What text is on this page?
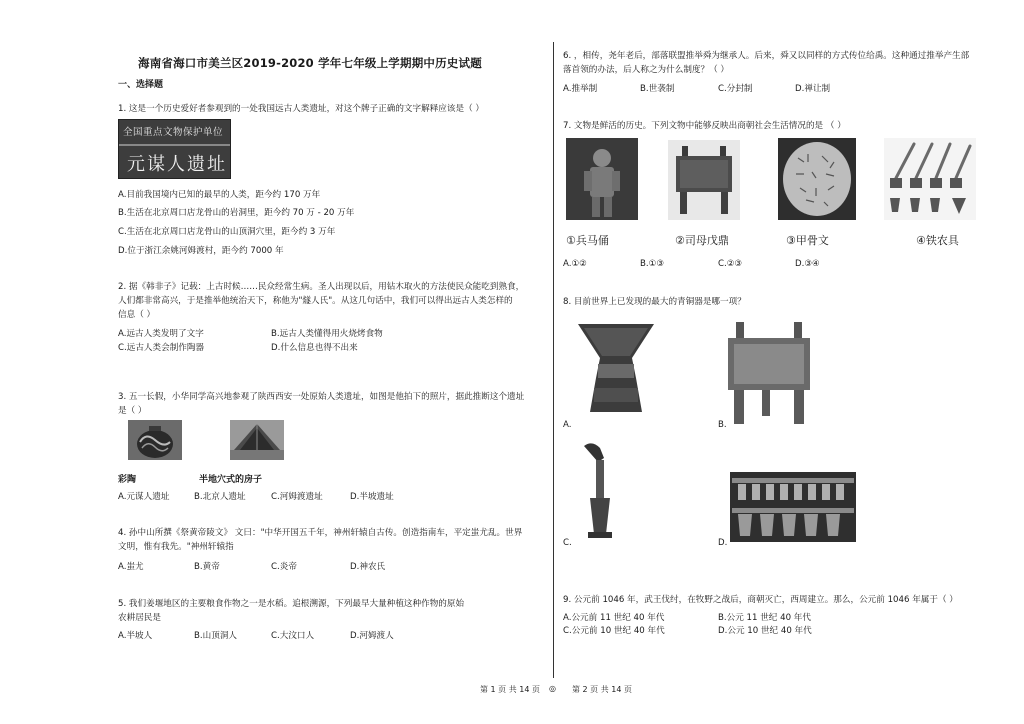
海南省海口市美兰区2019-2020 学年七年级上学期期中历史试题
一、选择题
1. 这是一个历史爱好者参观到的一处我国远古人类遗址，对这个牌子正确的文字解释应该是（ ）
全国重点文物保护单位
元谋人遗址
A.目前我国境内已知的最早的人类，距今约 170 万年
B.生活在北京周口店龙骨山的岩洞里，距今约 70 万 - 20 万年
C.生活在北京周口店龙骨山的山顶洞穴里，距今约 3 万年
D.位于浙江余姚河姆渡村，距今约 7000 年
2. 据《韩非子》记载：上古时候……民众经常生病。圣人出现以后，用钻木取火的方法使民众能吃到熟食，
人们都非常高兴，于是推举他统治天下，称他为"燧人氏"。从这几句话中，我们可以得出远古人类怎样的
信息（ ）
A.远古人类发明了文字	B.远古人类懂得用火烧烤食物
C.远古人类会制作陶器	D.什么信息也得不出来
3. 五一长假，小华同学高兴地参观了陕西西安一处原始人类遗址，如图是他拍下的照片，据此推断这个遗址
是（ ）
彩陶	半地穴式的房子
A.元谋人遗址	B.北京人遗址	C.河姆渡遗址	D.半坡遗址
4. 孙中山所撰《祭黄帝陵文》 文曰："中华开国五千年，神州轩辕自古传。创造指南车，平定蚩尤乱。世界
文明，惟有我先。"神州轩辕指
A.蚩尤	B.黄帝	C.炎帝	D.神农氏
5. 我们姜堰地区的主要粮食作物之一是水稻。追根溯源，下列最早大量种植这种作物的原始
农耕居民是
A.半坡人	B.山顶洞人	C.大汶口人	D.河姆渡人
6. ，相传，尧年老后，部落联盟推举舜为继承人。后来，舜又以同样的方式传位给禹。这种通过推举产生部
落首领的办法，后人称之为什么制度？（ ）
A.推举制	B.世袭制	C.分封制	D.禅让制
7. 文物是鲜活的历史。下列文物中能够反映出商朝社会生活情况的是 （ ）
①兵马俑	②司母戊鼎	③甲骨文	④铁农具
A.①②	B.①③	C.②③	D.③④
8. 目前世界上已发现的最大的青铜器是哪一项？
A.	B.
C.	D.
9. 公元前 1046 年，武王伐纣，在牧野之战后，商朝灭亡，西周建立。那么，公元前 1046 年属于（ ）
A.公元前 11 世纪 40 年代	B.公元 11 世纪 40 年代
C.公元前 10 世纪 40 年代	D.公元 10 世纪 40 年代
第 1 页 共 14 页 ◎ 第 2 页 共 14 页
